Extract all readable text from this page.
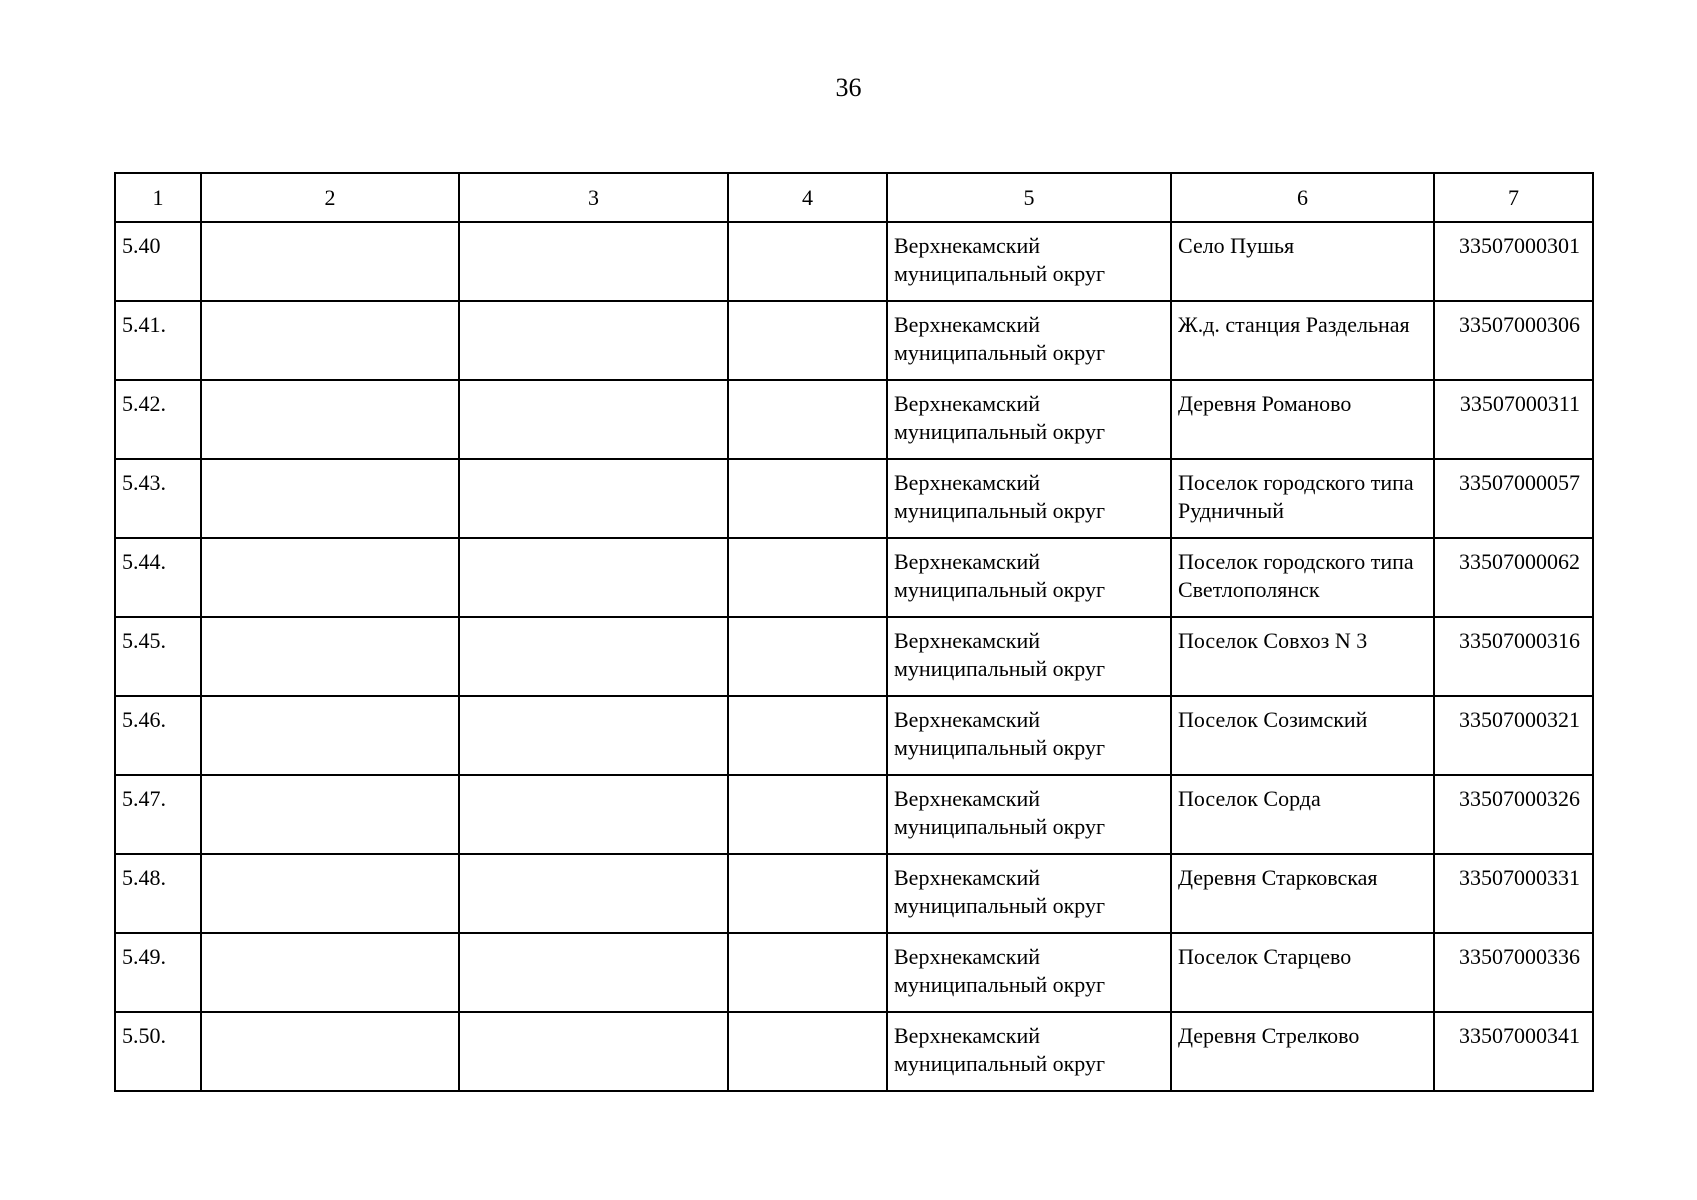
36
1	2	3	4	5	6	7
5.40				Верхнекамский муниципальный округ	Село Пушья	33507000301
5.41.				Верхнекамский муниципальный округ	Ж.д. станция Раздельная	33507000306
5.42.				Верхнекамский муниципальный округ	Деревня Романово	33507000311
5.43.				Верхнекамский муниципальный округ	Поселок городского типа Рудничный	33507000057
5.44.				Верхнекамский муниципальный округ	Поселок городского типа Светлополянск	33507000062
5.45.				Верхнекамский муниципальный округ	Поселок Совхоз N 3	33507000316
5.46.				Верхнекамский муниципальный округ	Поселок Созимский	33507000321
5.47.				Верхнекамский муниципальный округ	Поселок Сорда	33507000326
5.48.				Верхнекамский муниципальный округ	Деревня Старковская	33507000331
5.49.				Верхнекамский муниципальный округ	Поселок Старцево	33507000336
5.50.				Верхнекамский муниципальный округ	Деревня Стрелково	33507000341
